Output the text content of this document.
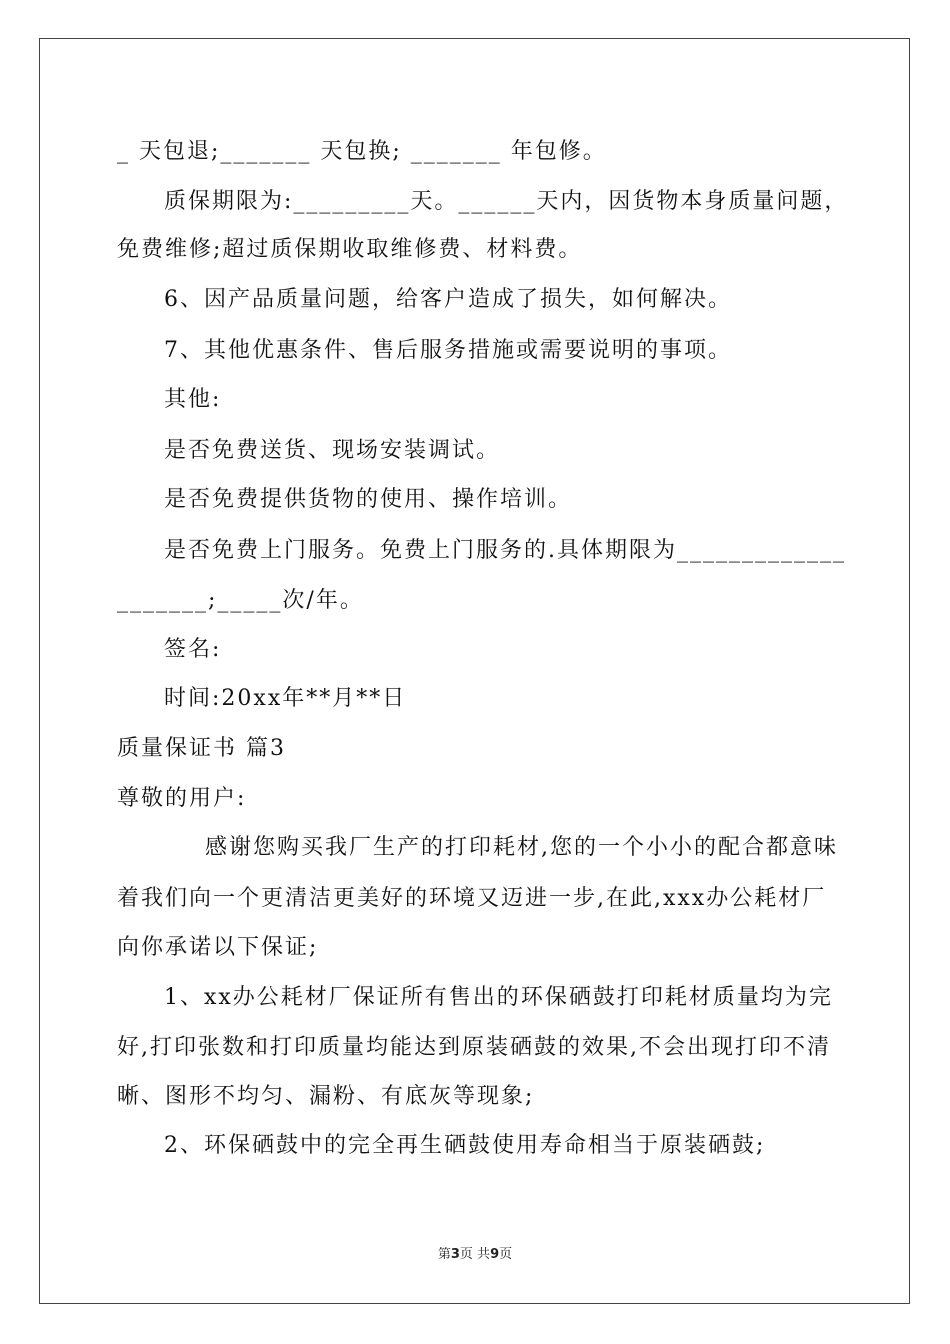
_ 天包退;_______ 天包换; _______ 年包修。
质保期限为:_________天。______天内，因货物本身质量问题，
免费维修;超过质保期收取维修费、材料费。
6、因产品质量问题，给客户造成了损失，如何解决。
7、其他优惠条件、售后服务措施或需要说明的事项。
其他:
是否免费送货、现场安装调试。
是否免费提供货物的使用、操作培训。
是否免费上门服务。免费上门服务的.具体期限为_____________
_______;_____次/年。
签名:
时间:20xx年**月**日
质量保证书 篇3
尊敬的用户:
感谢您购买我厂生产的打印耗材,您的一个小小的配合都意味
着我们向一个更清洁更美好的环境又迈进一步,在此,xxx办公耗材厂
向你承诺以下保证;
1、xx办公耗材厂保证所有售出的环保硒鼓打印耗材质量均为完
好,打印张数和打印质量均能达到原装硒鼓的效果,不会出现打印不清
晰、图形不均匀、漏粉、有底灰等现象;
2、环保硒鼓中的完全再生硒鼓使用寿命相当于原装硒鼓;
第3页 共9页
